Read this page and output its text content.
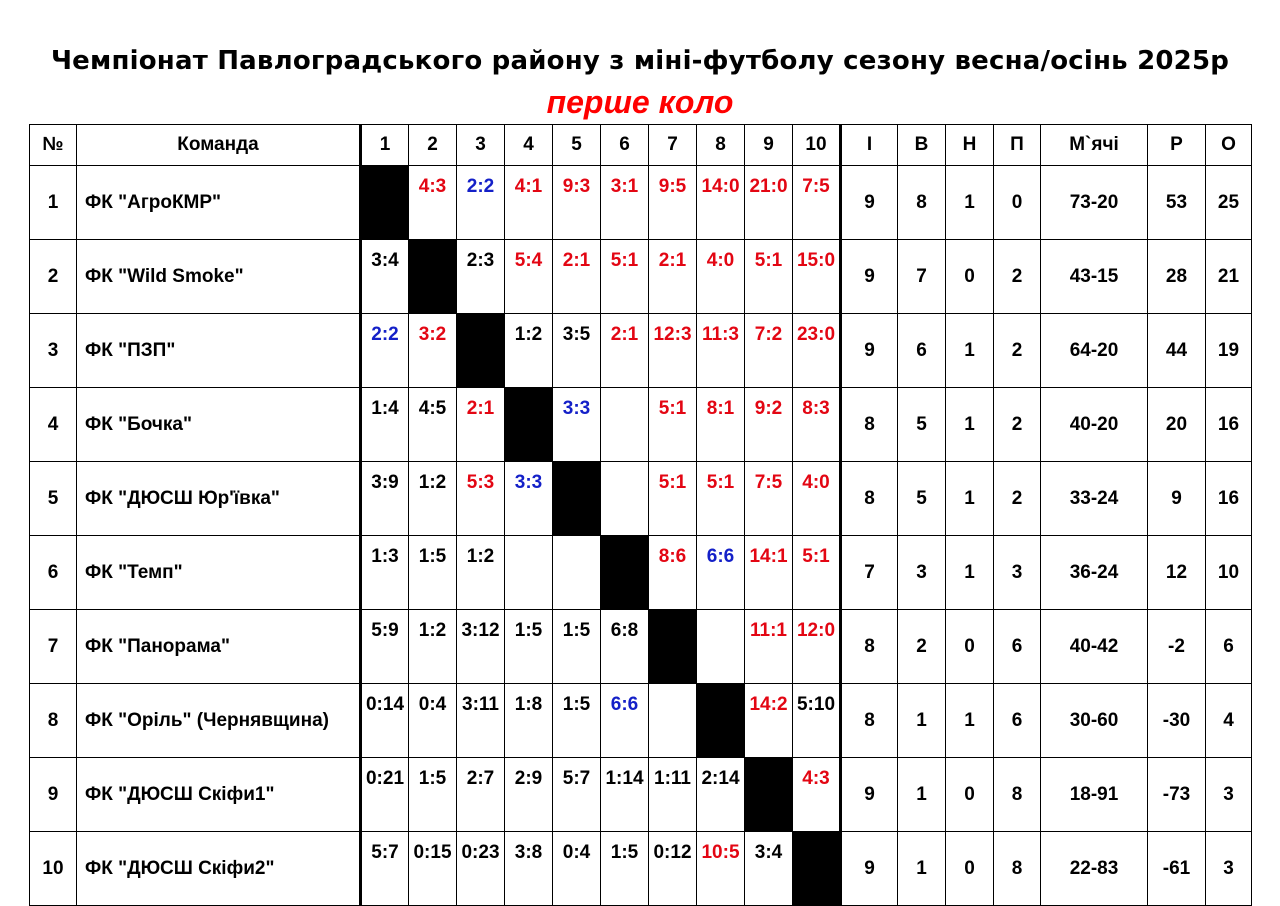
Чемпіонат Павлоградського району з міні-футболу сезону весна/осінь 2025р
перше коло
№	Команда	1	2	3	4	5	6	7	8	9	10	І	В	Н	П	М`ячі	Р	О
1	ФК "АгроКМР"		4:3	2:2	4:1	9:3	3:1	9:5	14:0	21:0	7:5	9	8	1	0	73-20	53	25
2	ФК "Wild Smoke"	3:4		2:3	5:4	2:1	5:1	2:1	4:0	5:1	15:0	9	7	0	2	43-15	28	21
3	ФК "ПЗП"	2:2	3:2		1:2	3:5	2:1	12:3	11:3	7:2	23:0	9	6	1	2	64-20	44	19
4	ФК "Бочка"	1:4	4:5	2:1		3:3		5:1	8:1	9:2	8:3	8	5	1	2	40-20	20	16
5	ФК "ДЮСШ Юр'ївка"	3:9	1:2	5:3	3:3			5:1	5:1	7:5	4:0	8	5	1	2	33-24	9	16
6	ФК "Темп"	1:3	1:5	1:2				8:6	6:6	14:1	5:1	7	3	1	3	36-24	12	10
7	ФК "Панорама"	5:9	1:2	3:12	1:5	1:5	6:8			11:1	12:0	8	2	0	6	40-42	-2	6
8	ФК "Оріль" (Чернявщина)	0:14	0:4	3:11	1:8	1:5	6:6			14:2	5:10	8	1	1	6	30-60	-30	4
9	ФК "ДЮСШ Скіфи1"	0:21	1:5	2:7	2:9	5:7	1:14	1:11	2:14		4:3	9	1	0	8	18-91	-73	3
10	ФК "ДЮСШ Скіфи2"	5:7	0:15	0:23	3:8	0:4	1:5	0:12	10:5	3:4		9	1	0	8	22-83	-61	3
